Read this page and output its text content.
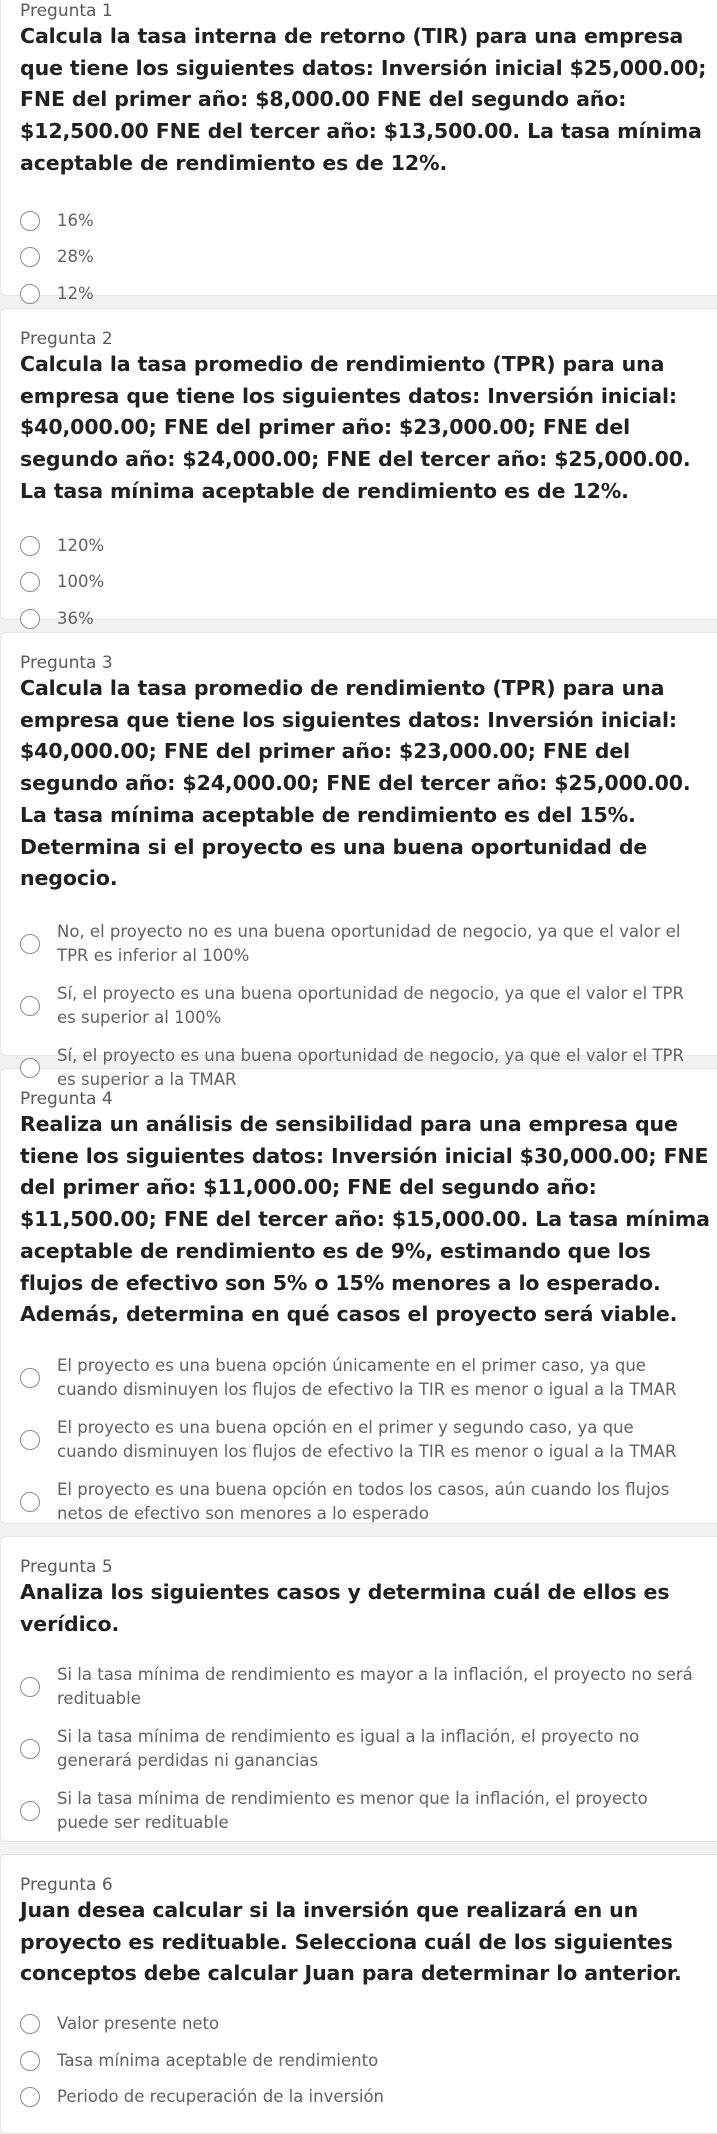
Pregunta 1

Calcula la tasa interna de retorno (TIR) para una empresa que tiene los siguientes datos: Inversión inicial $25,000.00; FNE del primer año: $8,000.00 FNE del segundo año: $12,500.00 FNE del tercer año: $13,500.00. La tasa mínima aceptable de rendimiento es de 12%.

16%
28%
12%

Pregunta 2

Calcula la tasa promedio de rendimiento (TPR) para una empresa que tiene los siguientes datos: Inversión inicial: $40,000.00; FNE del primer año: $23,000.00; FNE del segundo año: $24,000.00; FNE del tercer año: $25,000.00. La tasa mínima aceptable de rendimiento es de 12%.

120%
100%
36%

Pregunta 3

Calcula la tasa promedio de rendimiento (TPR) para una empresa que tiene los siguientes datos: Inversión inicial: $40,000.00; FNE del primer año: $23,000.00; FNE del segundo año: $24,000.00; FNE del tercer año: $25,000.00. La tasa mínima aceptable de rendimiento es del 15%. Determina si el proyecto es una buena oportunidad de negocio.

No, el proyecto no es una buena oportunidad de negocio, ya que el valor el TPR es inferior al 100%
Sí, el proyecto es una buena oportunidad de negocio, ya que el valor el TPR es superior al 100%
Sí, el proyecto es una buena oportunidad de negocio, ya que el valor el TPR es superior a la TMAR

Pregunta 4

Realiza un análisis de sensibilidad para una empresa que tiene los siguientes datos: Inversión inicial $30,000.00; FNE del primer año: $11,000.00; FNE del segundo año: $11,500.00; FNE del tercer año: $15,000.00. La tasa mínima aceptable de rendimiento es de 9%, estimando que los flujos de efectivo son 5% o 15% menores a lo esperado. Además, determina en qué casos el proyecto será viable.

El proyecto es una buena opción únicamente en el primer caso, ya que cuando disminuyen los flujos de efectivo la TIR es menor o igual a la TMAR
El proyecto es una buena opción en el primer y segundo caso, ya que cuando disminuyen los flujos de efectivo la TIR es menor o igual a la TMAR
El proyecto es una buena opción en todos los casos, aún cuando los flujos netos de efectivo son menores a lo esperado

Pregunta 5

Analiza los siguientes casos y determina cuál de ellos es verídico.

Si la tasa mínima de rendimiento es mayor a la inflación, el proyecto no será redituable
Si la tasa mínima de rendimiento es igual a la inflación, el proyecto no generará perdidas ni ganancias
Si la tasa mínima de rendimiento es menor que la inflación, el proyecto puede ser redituable

Pregunta 6

Juan desea calcular si la inversión que realizará en un proyecto es redituable. Selecciona cuál de los siguientes conceptos debe calcular Juan para determinar lo anterior.

Valor presente neto
Tasa mínima aceptable de rendimiento
Periodo de recuperación de la inversión
